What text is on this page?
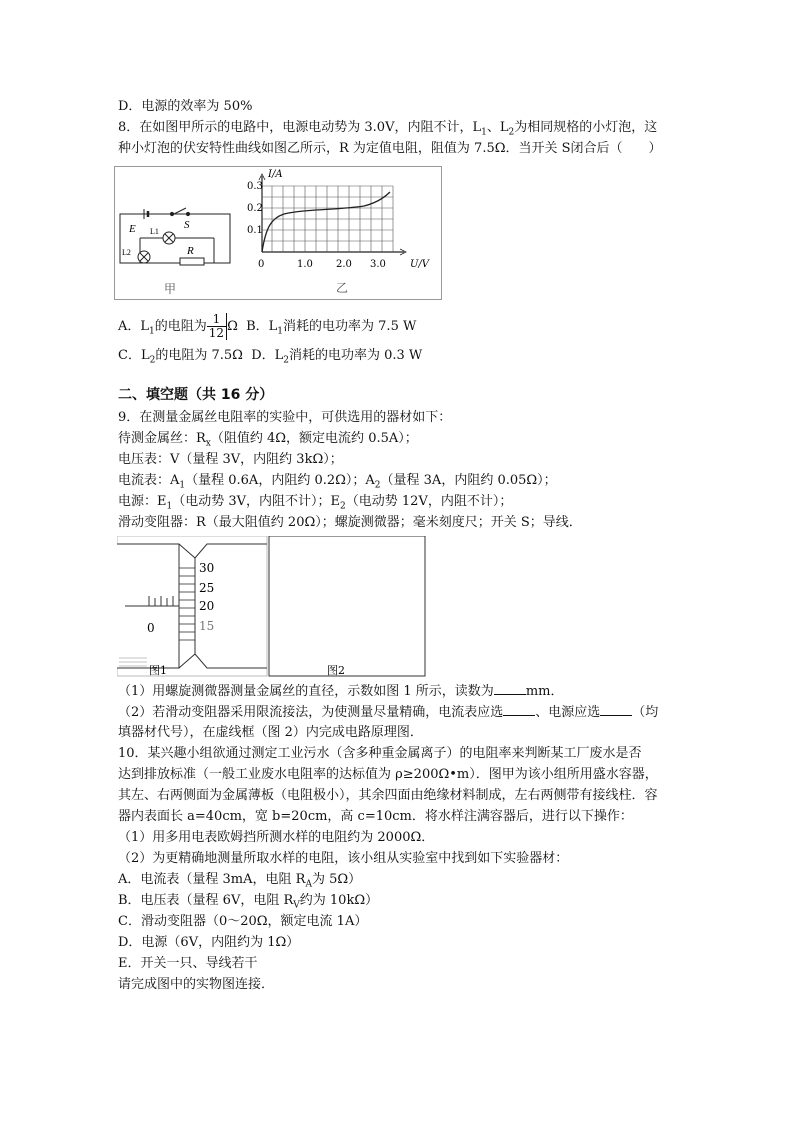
D．电源的效率为 50%
8．在如图甲所示的电路中，电源电动势为 3.0V，内阻不计，$L_1$、$L_2$为相同规格的小灯泡，这
种小灯泡的伏安特性曲线如图乙所示，R 为定值电阻，阻值为 7.5Ω．当开关 S闭合后（　　）
E	S
L1
L2	R
甲
0.3
0.2
0.1
0	1.0 2.0 3.0
I/A
U/V
乙
A．$L_1$的电阻为 $\frac{1}{12}$ Ω B．$L_1$消耗的电功率为 7.5 W
C．$L_2$的电阻为 7.5Ω D．$L_2$消耗的电功率为 0.3 W
二、填空题（共 16 分）
9．在测量金属丝电阻率的实验中，可供选用的器材如下：
待测金属丝：$R_x$（阻值约 4Ω，额定电流约 0.5A）；
电压表：V（量程 3V，内阻约 3kΩ）；
电流表：$A_1$（量程 0.6A，内阻约 0.2Ω）；$A_2$（量程 3A，内阻约 0.05Ω）；
电源：$E_1$（电动势 3V，内阻不计）；$E_2$（电动势 12V，内阻不计）；
滑动变阻器：R（最大阻值约 20Ω）；螺旋测微器；毫米刻度尺；开关 S；导线．
30
25
20
15
0
图1	图2
（1）用螺旋测微器测量金属丝的直径，示数如图 1 所示，读数为 mm．
（2）若滑动变阻器采用限流接法，为使测量尽量精确，电流表应选 、电源应选 （均
填器材代号），在虚线框（图 2）内完成电路原理图．
10．某兴趣小组欲通过测定工业污水（含多种重金属离子）的电阻率来判断某工厂废水是否
达到排放标准（一般工业废水电阻率的达标值为 ρ≥200Ω•m）．图甲为该小组所用盛水容器，
其左、右两侧面为金属薄板（电阻极小），其余四面由绝缘材料制成，左右两侧带有接线柱．容
器内表面长 a=40cm，宽 b=20cm，高 c=10cm．将水样注满容器后，进行以下操作：
（1）用多用电表欧姆挡所测水样的电阻约为 2000Ω．
（2）为更精确地测量所取水样的电阻，该小组从实验室中找到如下实验器材：
A．电流表（量程 3mA，电阻 $R_A$为 5Ω）
B．电压表（量程 6V，电阻 $R_V$约为 10kΩ）
C．滑动变阻器（0～20Ω，额定电流 1A）
D．电源（6V，内阻约为 1Ω）
E．开关一只、导线若干
请完成图中的实物图连接．
